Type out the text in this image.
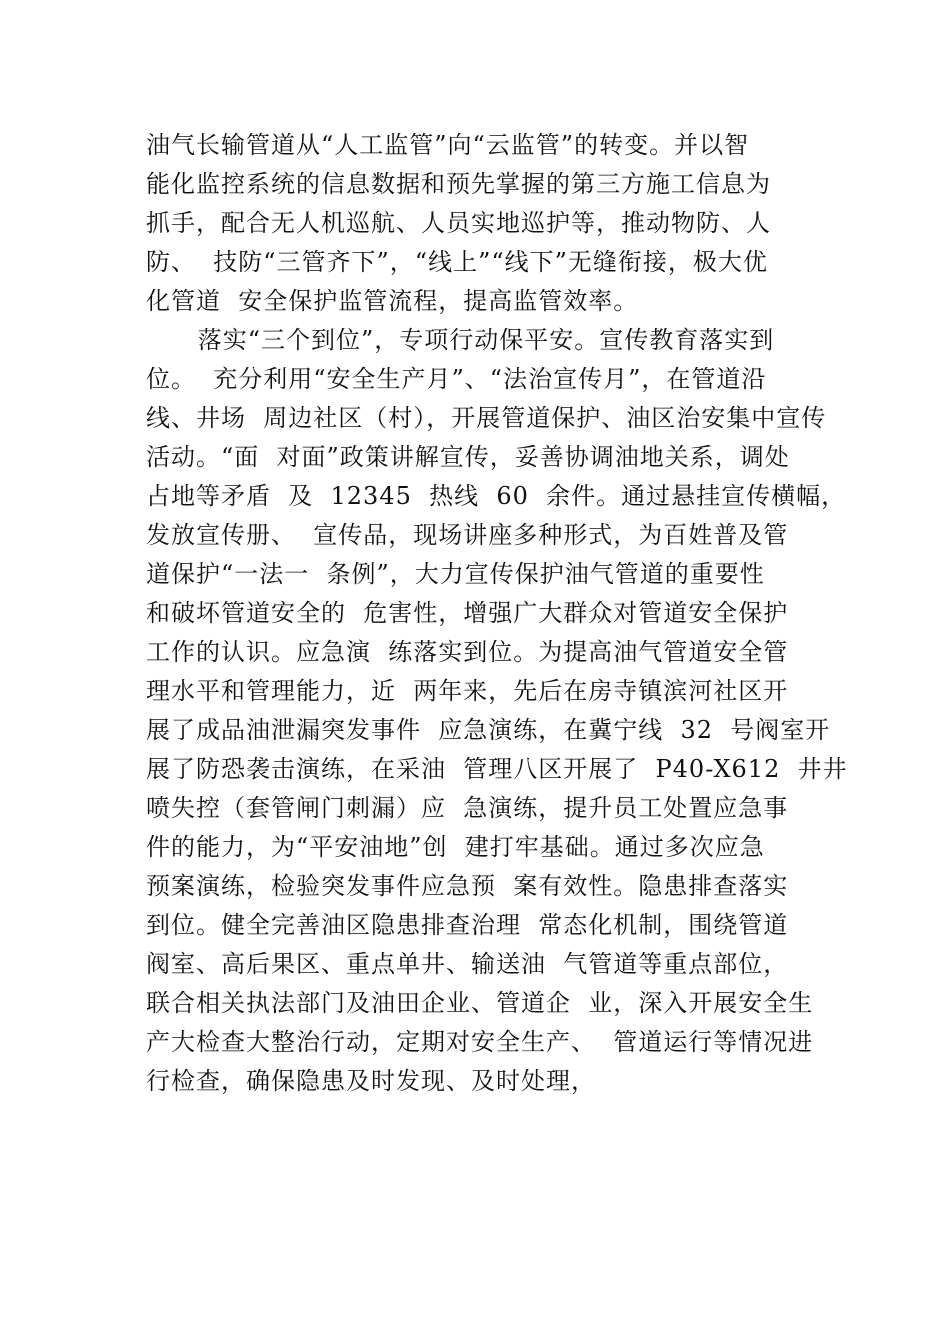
油气长输管道从“人工监管”向“云监管”的转变。并以智
能化监控系统的信息数据和预先掌握的第三方施工信息为
抓手，配合无人机巡航、人员实地巡护等，推动物防、人
防、  技防“三管齐下”，“线上”“线下”无缝衔接，极大优
化管道  安全保护监管流程，提高监管效率。
落实“三个到位”，专项行动保平安。宣传教育落实到
位。  充分利用“安全生产月”、“法治宣传月”，在管道沿
线、井场  周边社区（村），开展管道保护、油区治安集中宣传
活动。“面  对面”政策讲解宣传，妥善协调油地关系，调处
占地等矛盾  及  12345  热线  60  余件。通过悬挂宣传横幅，
发放宣传册、  宣传品，现场讲座多种形式，为百姓普及管
道保护“一法一  条例”，大力宣传保护油气管道的重要性
和破坏管道安全的  危害性，增强广大群众对管道安全保护
工作的认识。应急演  练落实到位。为提高油气管道安全管
理水平和管理能力，近  两年来，先后在房寺镇滨河社区开
展了成品油泄漏突发事件  应急演练，在冀宁线  32  号阀室开
展了防恐袭击演练，在采油  管理八区开展了  P40-X612  井井
喷失控（套管闸门刺漏）应  急演练，提升员工处置应急事
件的能力，为“平安油地”创  建打牢基础。通过多次应急
预案演练，检验突发事件应急预  案有效性。隐患排查落实
到位。健全完善油区隐患排查治理  常态化机制，围绕管道
阀室、高后果区、重点单井、输送油  气管道等重点部位，
联合相关执法部门及油田企业、管道企  业，深入开展安全生
产大检查大整治行动，定期对安全生产、  管道运行等情况进
行检查，确保隐患及时发现、及时处理，
